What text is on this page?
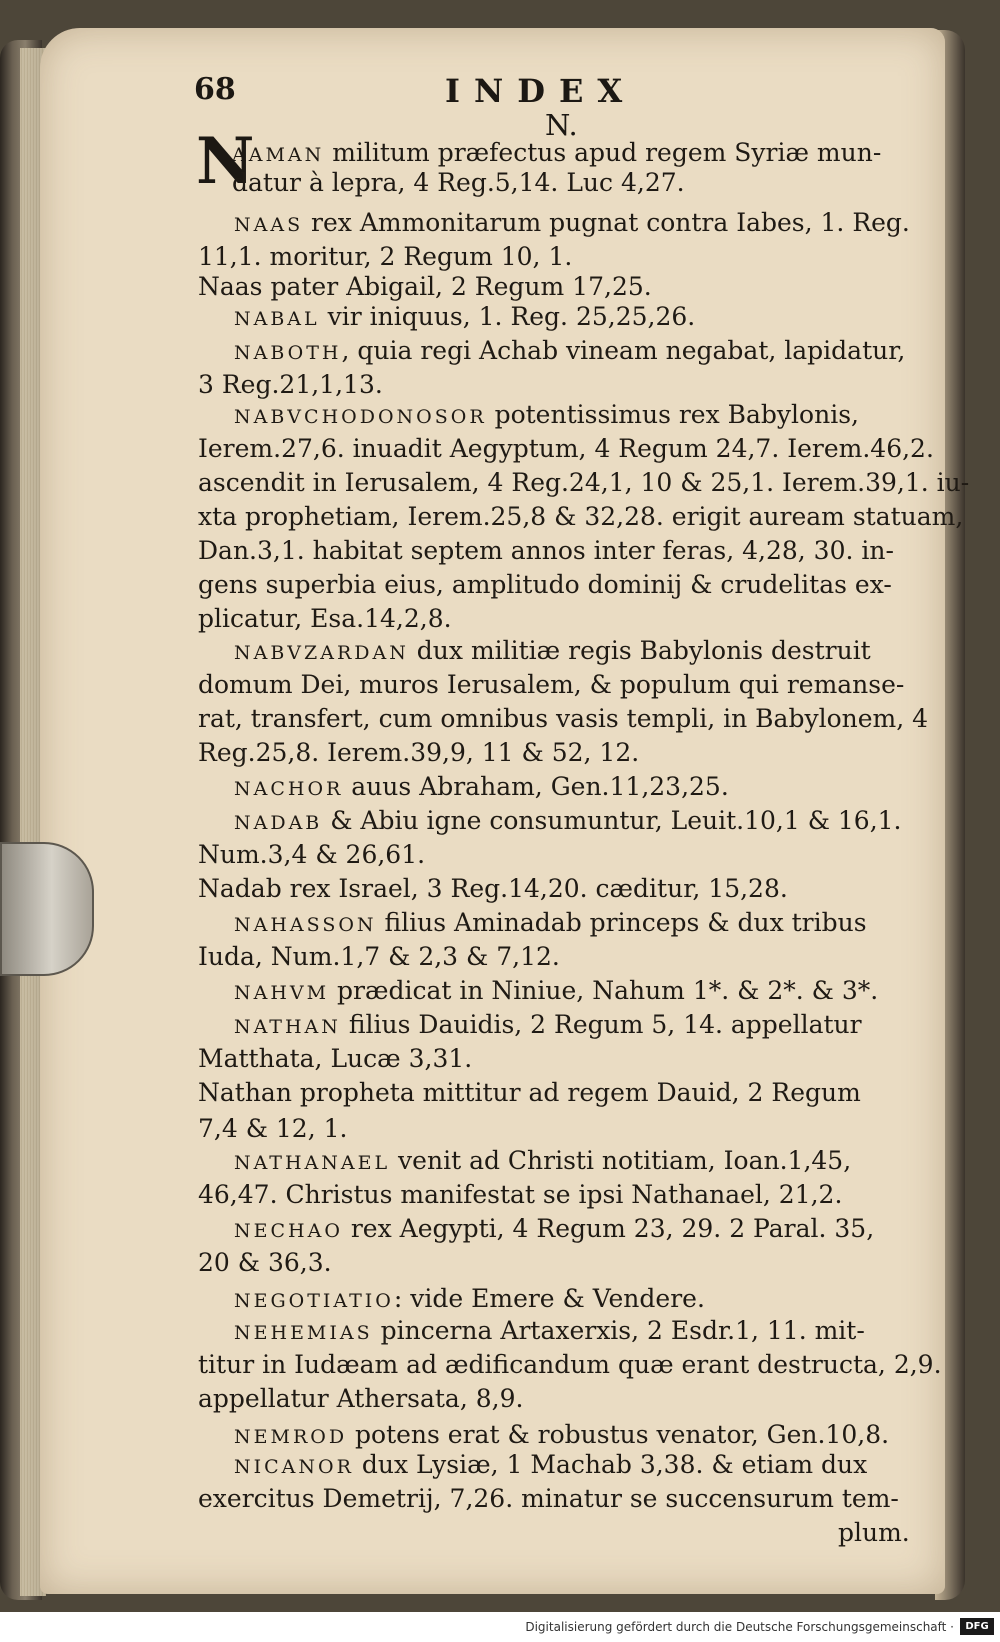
68	INDEX
N.
N
AAMAN militum præfectus apud regem Syriæ mun-
datur à lepra, 4 Reg.5,14. Luc 4,27.
NAAS rex Ammonitarum pugnat contra Iabes, 1. Reg.
11,1. moritur, 2 Regum 10, 1.
Naas pater Abigail, 2 Regum 17,25.
NABAL vir iniquus, 1. Reg. 25,25,26.
NABOTH, quia regi Achab vineam negabat, lapidatur,
3 Reg.21,1,13.
NABVCHODONOSOR potentissimus rex Babylonis,
Ierem.27,6. inuadit Aegyptum, 4 Regum 24,7. Ierem.46,2.
ascendit in Ierusalem, 4 Reg.24,1, 10 & 25,1. Ierem.39,1. iu-
xta prophetiam, Ierem.25,8 & 32,28. erigit auream statuam,
Dan.3,1. habitat septem annos inter feras, 4,28, 30. in-
gens superbia eius, amplitudo dominij & crudelitas ex-
plicatur, Esa.14,2,8.
NABVZARDAN dux militiæ regis Babylonis destruit
domum Dei, muros Ierusalem, & populum qui remanse-
rat, transfert, cum omnibus vasis templi, in Babylonem, 4
Reg.25,8. Ierem.39,9, 11 & 52, 12.
NACHOR auus Abraham, Gen.11,23,25.
NADAB & Abiu igne consumuntur, Leuit.10,1 & 16,1.
Num.3,4 & 26,61.
Nadab rex Israel, 3 Reg.14,20. cæditur, 15,28.
NAHASSON filius Aminadab princeps & dux tribus
Iuda, Num.1,7 & 2,3 & 7,12.
NAHVM prædicat in Niniue, Nahum 1*. & 2*. & 3*.
NATHAN filius Dauidis, 2 Regum 5, 14. appellatur
Matthata, Lucæ 3,31.
Nathan propheta mittitur ad regem Dauid, 2 Regum
7,4 & 12, 1.
NATHANAEL venit ad Christi notitiam, Ioan.1,45,
46,47. Christus manifestat se ipsi Nathanael, 21,2.
NECHAO rex Aegypti, 4 Regum 23, 29. 2 Paral. 35,
20 & 36,3.
NEGOTIATIO: vide Emere & Vendere.
NEHEMIAS pincerna Artaxerxis, 2 Esdr.1, 11. mit-
titur in Iudæam ad ædificandum quæ erant destructa, 2,9.
appellatur Athersata, 8,9.
NEMROD potens erat & robustus venator, Gen.10,8.
NICANOR dux Lysiæ, 1 Machab 3,38. & etiam dux
exercitus Demetrij, 7,26. minatur se succensurum tem-
plum.
Digitalisierung gefördert durch die Deutsche Forschungsgemeinschaft ·	DFG
